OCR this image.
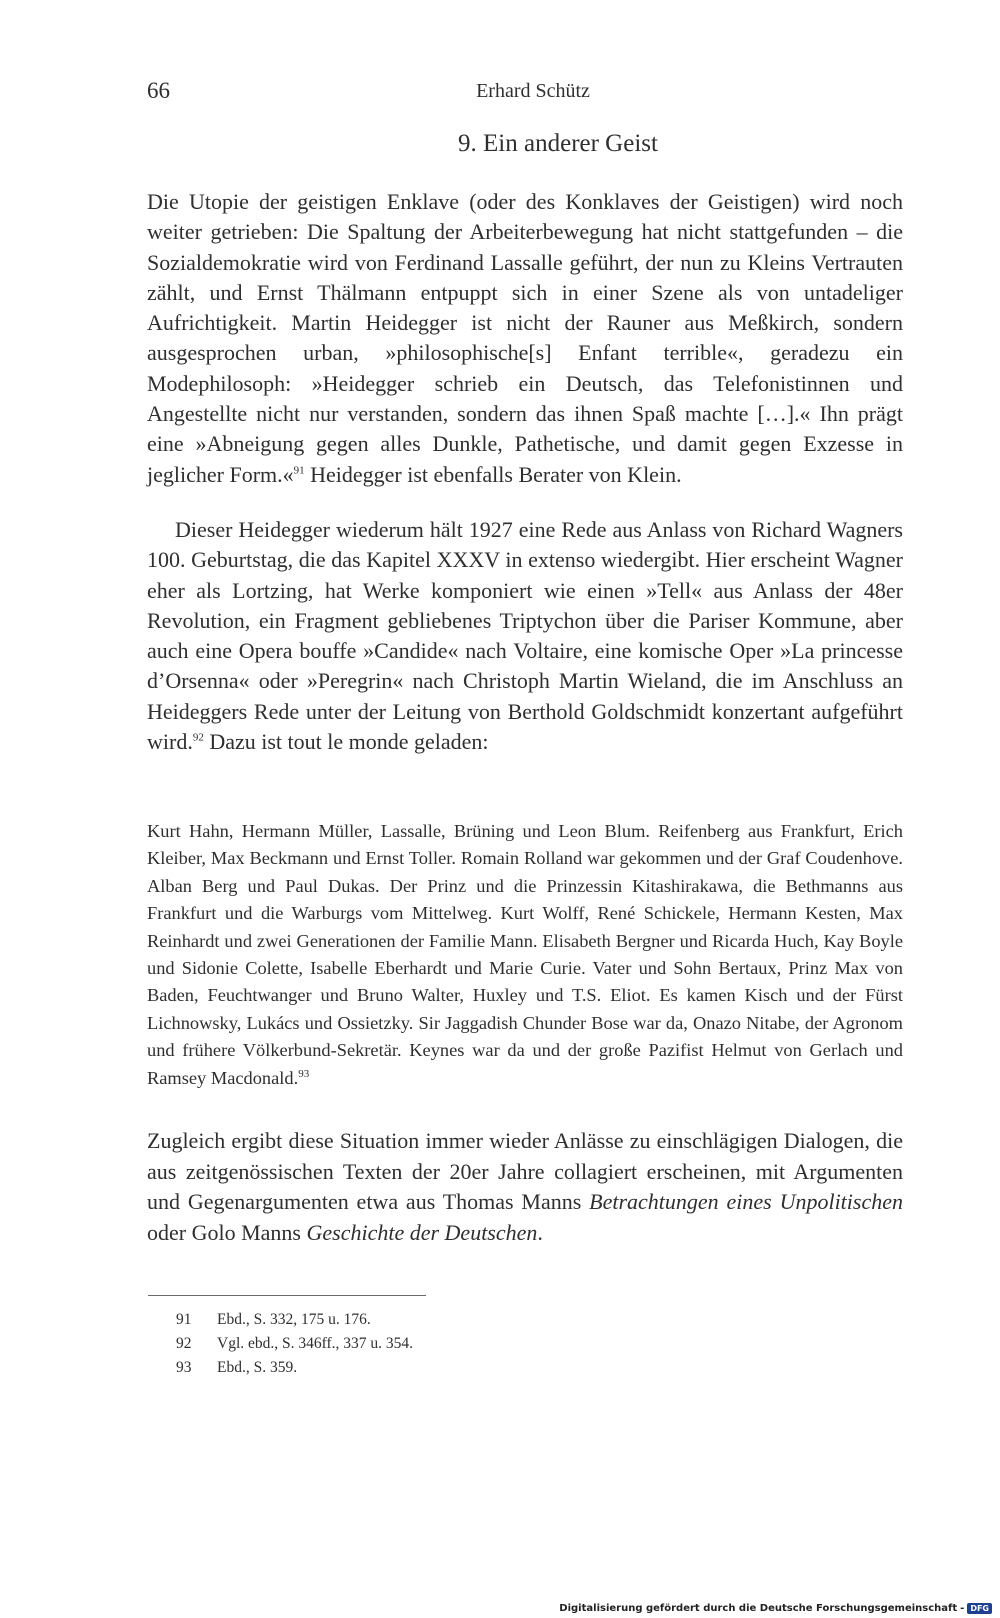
66	Erhard Schütz
9. Ein anderer Geist

Die Utopie der geistigen Enklave (oder des Konklaves der Geistigen) wird noch weiter getrieben: Die Spaltung der Arbeiterbewegung hat nicht stattgefunden – die Sozialdemokratie wird von Ferdinand Lassalle geführt, der nun zu Kleins Vertrauten zählt, und Ernst Thälmann entpuppt sich in einer Szene als von untadeliger Aufrichtigkeit. Martin Heidegger ist nicht der Rauner aus Meßkirch, sondern ausgesprochen urban, »philosophische[s] Enfant terrible«, geradezu ein Modephilosoph: »Heidegger schrieb ein Deutsch, das Telefonistinnen und Angestellte nicht nur verstanden, sondern das ihnen Spaß machte […].« Ihn prägt eine »Abneigung gegen alles Dunkle, Pathetische, und damit gegen Exzesse in jeglicher Form.«$^{91}$ Heidegger ist ebenfalls Berater von Klein.

Dieser Heidegger wiederum hält 1927 eine Rede aus Anlass von Richard Wagners 100. Geburtstag, die das Kapitel XXXV in extenso wiedergibt. Hier erscheint Wagner eher als Lortzing, hat Werke komponiert wie einen »Tell« aus Anlass der 48er Revolution, ein Fragment gebliebenes Triptychon über die Pariser Kommune, aber auch eine Opera bouffe »Candide« nach Voltaire, eine komische Oper »La princesse d’Orsenna« oder »Peregrin« nach Christoph Martin Wieland, die im Anschluss an Heideggers Rede unter der Leitung von Berthold Goldschmidt konzertant aufgeführt wird.$^{92}$ Dazu ist tout le monde geladen:

Kurt Hahn, Hermann Müller, Lassalle, Brüning und Leon Blum. Reifenberg aus Frankfurt, Erich Kleiber, Max Beckmann und Ernst Toller. Romain Rolland war gekommen und der Graf Coudenhove. Alban Berg und Paul Dukas. Der Prinz und die Prinzessin Kitashirakawa, die Bethmanns aus Frankfurt und die Warburgs vom Mittelweg. Kurt Wolff, René Schickele, Hermann Kesten, Max Reinhardt und zwei Generationen der Familie Mann. Elisabeth Bergner und Ricarda Huch, Kay Boyle und Sidonie Colette, Isabelle Eberhardt und Marie Curie. Vater und Sohn Bertaux, Prinz Max von Baden, Feuchtwanger und Bruno Walter, Huxley und T.S. Eliot. Es kamen Kisch und der Fürst Lichnowsky, Lukács und Ossietzky. Sir Jaggadish Chunder Bose war da, Onazo Nitabe, der Agronom und frühere Völkerbund-Sekretär. Keynes war da und der große Pazifist Helmut von Gerlach und Ramsey Macdonald.$^{93}$

Zugleich ergibt diese Situation immer wieder Anlässe zu einschlägigen Dialogen, die aus zeitgenössischen Texten der 20er Jahre collagiert erscheinen, mit Argumenten und Gegenargumenten etwa aus Thomas Manns Betrachtungen eines Unpolitischen oder Golo Manns Geschichte der Deutschen.

91	Ebd., S. 332, 175 u. 176.
92	Vgl. ebd., S. 346ff., 337 u. 354.
93	Ebd., S. 359.
Digitalisierung gefördert durch die Deutsche Forschungsgemeinschaft - DFG
